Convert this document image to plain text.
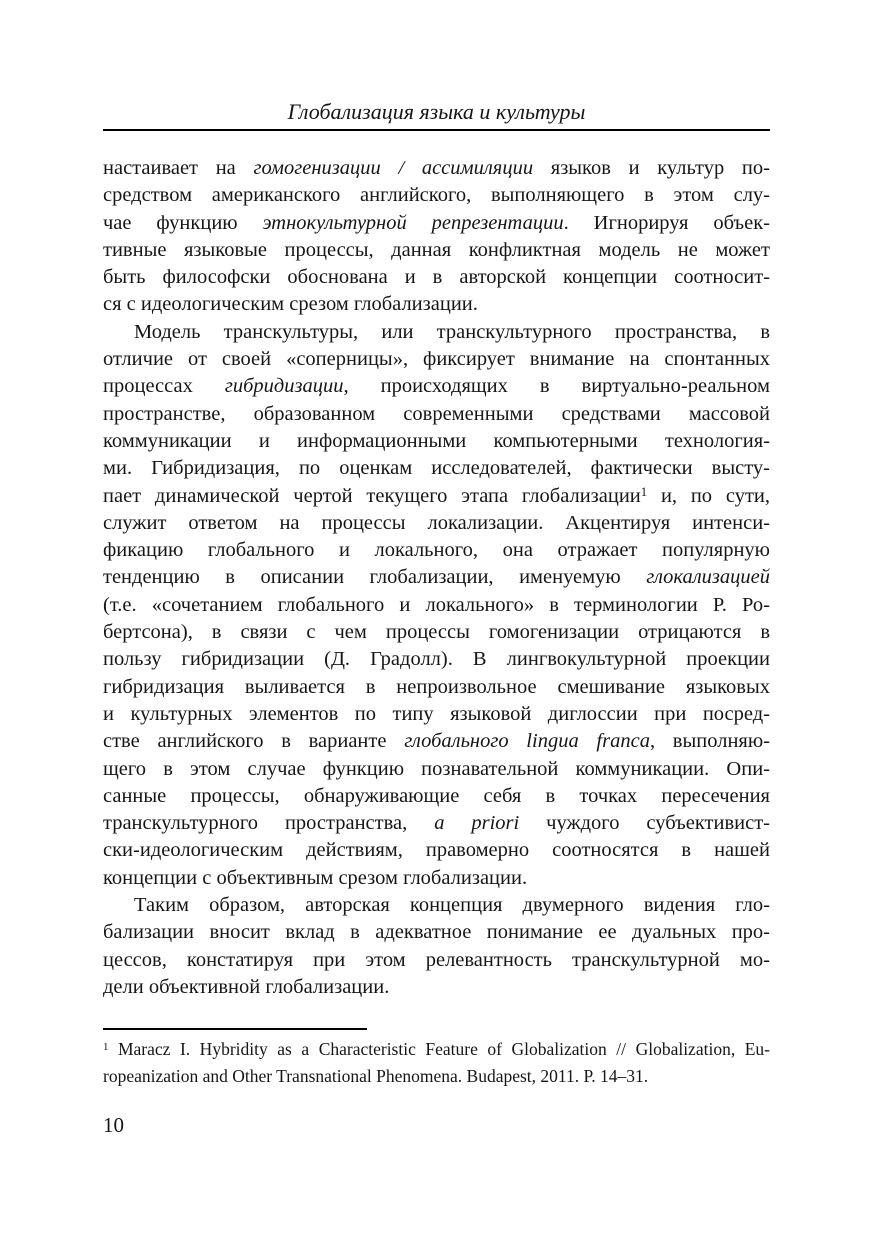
Глобализация языка и культуры
настаивает на гомогенизации / ассимиляции языков и культур по-
средством американского английского, выполняющего в этом слу-
чае функцию этнокультурной репрезентации. Игнорируя объек-
тивные языковые процессы, данная конфликтная модель не может
быть философски обоснована и в авторской концепции соотносит-
ся с идеологическим срезом глобализации.
Модель транскультуры, или транскультурного пространства, в
отличие от своей «соперницы», фиксирует внимание на спонтанных
процессах гибридизации, происходящих в виртуально-реальном
пространстве, образованном современными средствами массовой
коммуникации и информационными компьютерными технология-
ми. Гибридизация, по оценкам исследователей, фактически высту-
пает динамической чертой текущего этапа глобализации$^1$ и, по сути,
служит ответом на процессы локализации. Акцентируя интенси-
фикацию глобального и локального, она отражает популярную
тенденцию в описании глобализации, именуемую глокализацией
(т.е. «сочетанием глобального и локального» в терминологии Р. Ро-
бертсона), в связи с чем процессы гомогенизации отрицаются в
пользу гибридизации (Д. Градолл). В лингвокультурной проекции
гибридизация выливается в непроизвольное смешивание языковых
и культурных элементов по типу языковой диглоссии при посред-
стве английского в варианте глобального lingua franca, выполняю-
щего в этом случае функцию познавательной коммуникации. Опи-
санные процессы, обнаруживающие себя в точках пересечения
транскультурного пространства, a priori чуждого субъективист-
ски-идеологическим действиям, правомерно соотносятся в нашей
концепции с объективным срезом глобализации.
Таким образом, авторская концепция двумерного видения гло-
бализации вносит вклад в адекватное понимание ее дуальных про-
цессов, констатируя при этом релевантность транскультурной мо-
дели объективной глобализации.
$^1$ Maracz I. Hybridity as a Characteristic Feature of Globalization // Globalization, Eu-
ropeanization and Other Transnational Phenomena. Budapest, 2011. P. 14–31.
10
